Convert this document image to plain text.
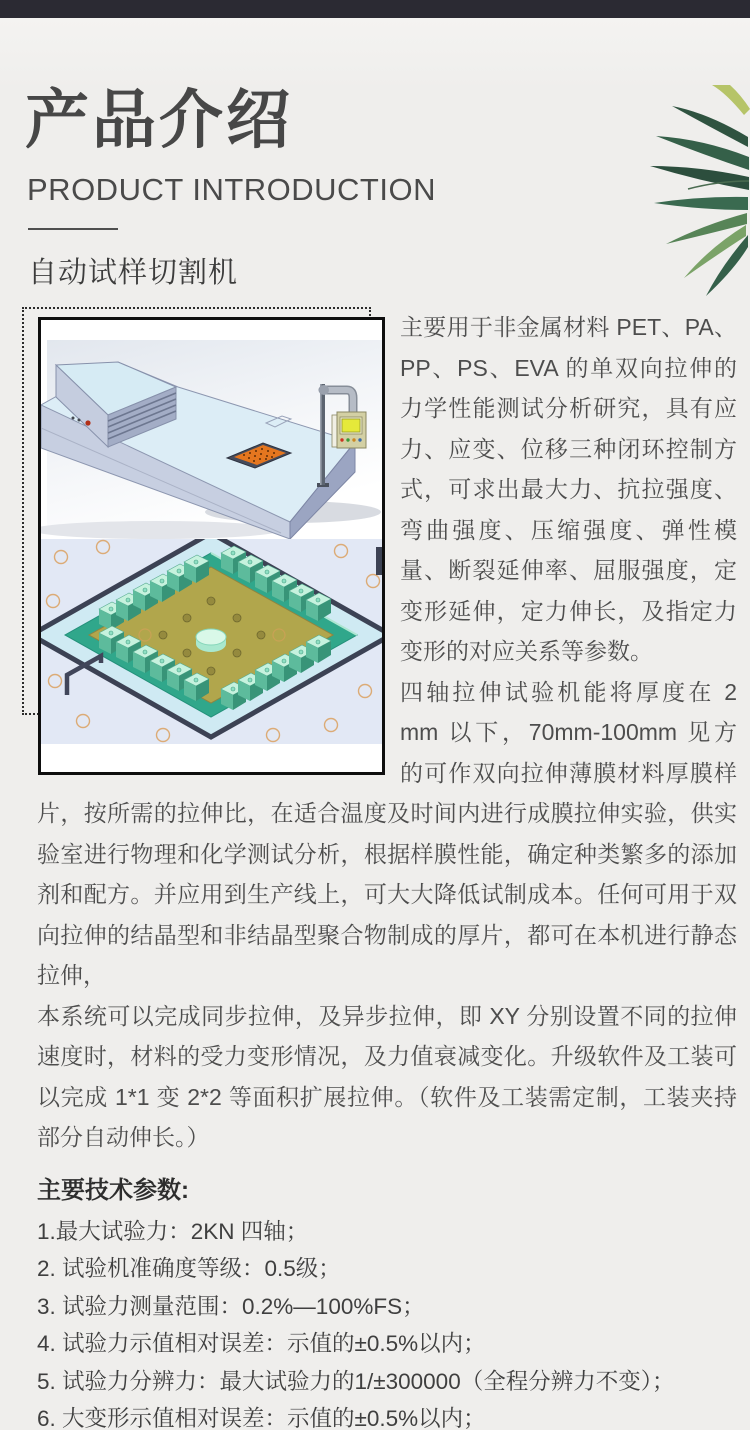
产品介绍
PRODUCT INTRODUCTION
自动试样切割机

主要用于非金属材料 PET、PA、PP、PS、EVA 的单双向拉伸的力学性能测试分析研究，具有应力、应变、位移三种闭环控制方式，可求出最大力、抗拉强度、弯曲强度、压缩强度、弹性模量、断裂延伸率、屈服强度，定变形延伸，定力伸长，及指定力变形的对应关系等参数。

四轴拉伸试验机能将厚度在 2 mm 以下，70mm-100mm 见方的可作双向拉伸薄膜材料厚膜样片，按所需的拉伸比，在适合温度及时间内进行成膜拉伸实验，供实验室进行物理和化学测试分析，根据样膜性能，确定种类繁多的添加剂和配方。并应用到生产线上，可大大降低试制成本。任何可用于双向拉伸的结晶型和非结晶型聚合物制成的厚片，都可在本机进行静态拉伸，

本系统可以完成同步拉伸，及异步拉伸，即 XY 分别设置不同的拉伸速度时，材料的受力变形情况，及力值衰减变化。升级软件及工装可以完成 1*1 变 2*2 等面积扩展拉伸。（软件及工装需定制，工装夹持部分自动伸长。）

主要技术参数:
1.最大试验力：2KN 四轴；
2. 试验机准确度等级：0.5级；
3. 试验力测量范围：0.2%—100%FS；
4. 试验力示值相对误差：示值的±0.5%以内；
5. 试验力分辨力：最大试验力的1/±300000（全程分辨力不变）；
6. 大变形示值相对误差：示值的±0.5%以内；
